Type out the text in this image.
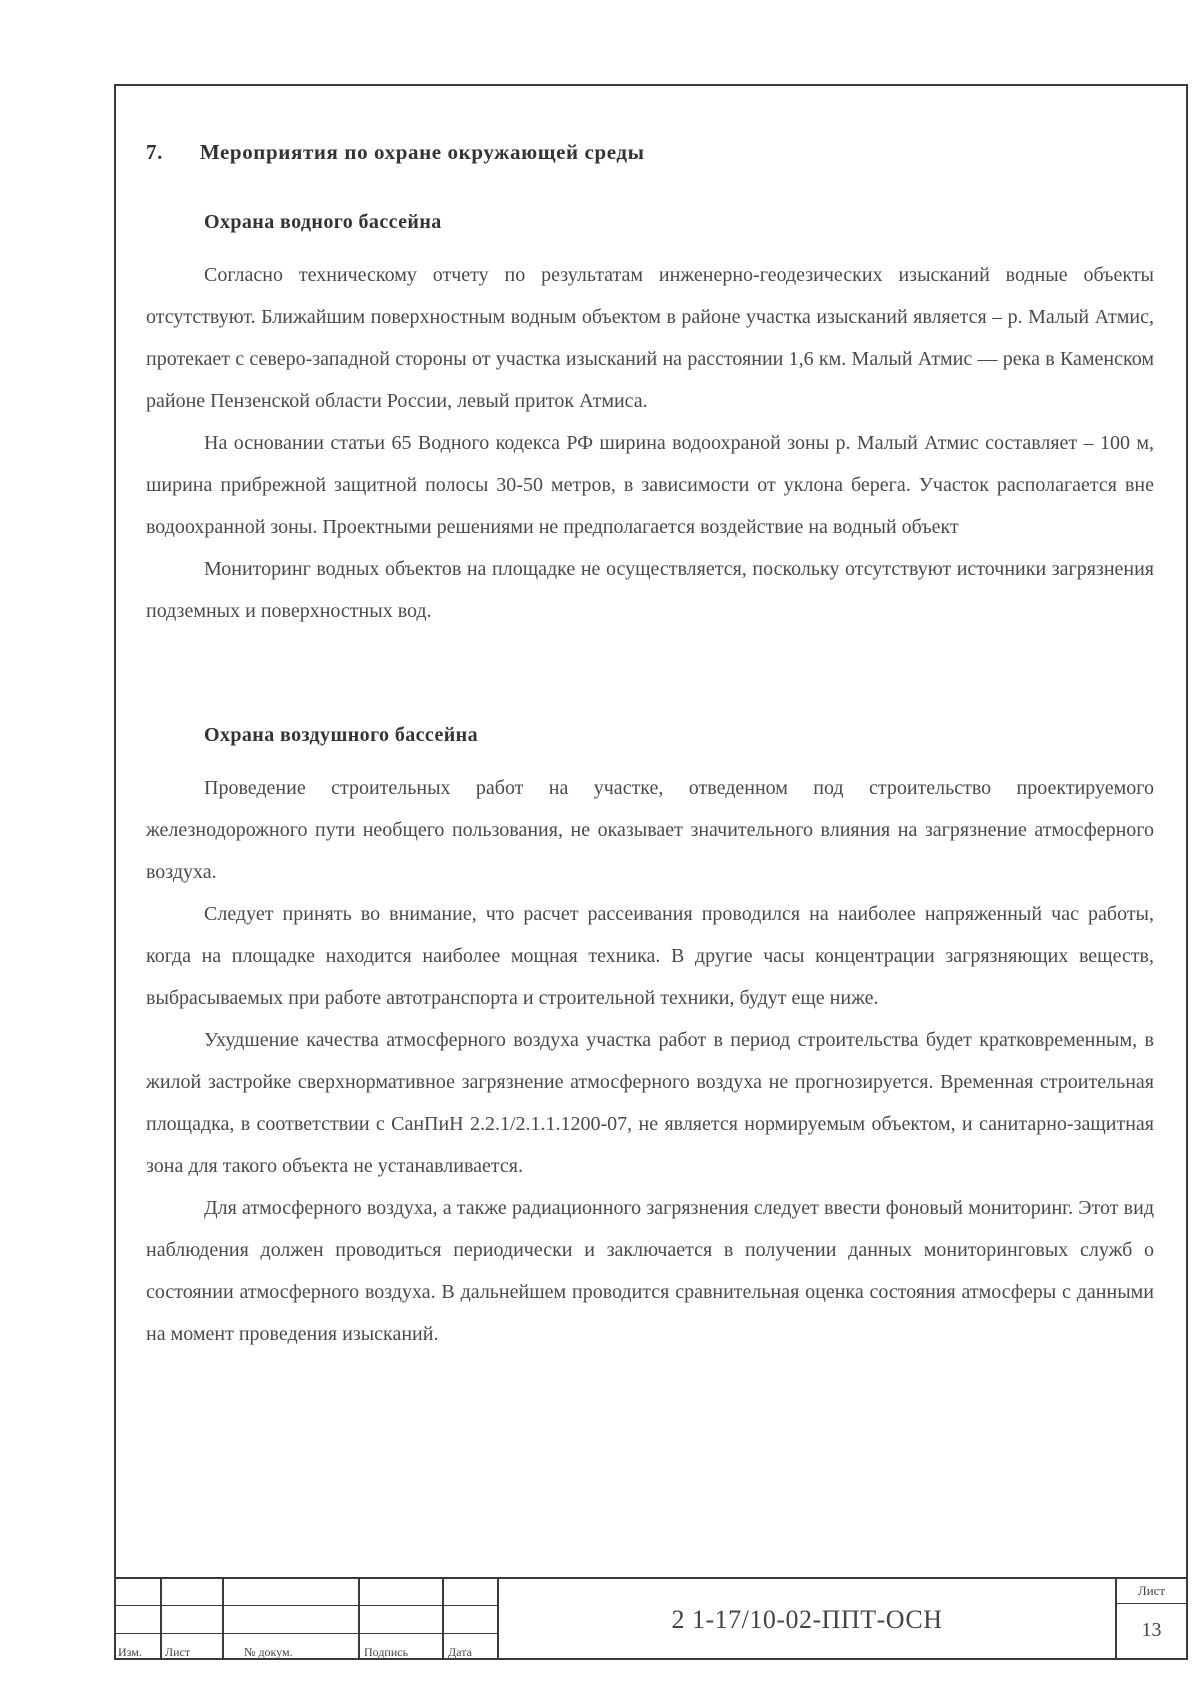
7. Мероприятия по охране окружающей среды
Охрана водного бассейна

Согласно техническому отчету по результатам инженерно-геодезических изысканий водные объекты отсутствуют. Ближайшим поверхностным водным объектом в районе участка изысканий является – р. Малый Атмис, протекает с северо-западной стороны от участка изысканий на расстоянии 1,6 км. Малый Атмис — река в Каменском районе Пензенской области России, левый приток Атмиса.

На основании статьи 65 Водного кодекса РФ ширина водоохраной зоны р. Малый Атмис составляет – 100 м, ширина прибрежной защитной полосы 30-50 метров, в зависимости от уклона берега. Участок располагается вне водоохранной зоны. Проектными решениями не предполагается воздействие на водный объект

Мониторинг водных объектов на площадке не осуществляется, поскольку отсутствуют источники загрязнения подземных и поверхностных вод.

Охрана воздушного бассейна

Проведение строительных работ на участке, отведенном под строительство проектируемого железнодорожного пути необщего пользования, не оказывает значительного влияния на загрязнение атмосферного воздуха.

Следует принять во внимание, что расчет рассеивания проводился на наиболее напряженный час работы, когда на площадке находится наиболее мощная техника. В другие часы концентрации загрязняющих веществ, выбрасываемых при работе автотранспорта и строительной техники, будут еще ниже.

Ухудшение качества атмосферного воздуха участка работ в период строительства будет кратковременным, в жилой застройке сверхнормативное загрязнение атмосферного воздуха не прогнозируется. Временная строительная площадка, в соответствии с СанПиН 2.2.1/2.1.1.1200-07, не является нормируемым объектом, и санитарно-защитная зона для такого объекта не устанавливается.

Для атмосферного воздуха, а также радиационного загрязнения следует ввести фоновый мониторинг. Этот вид наблюдения должен проводиться периодически и заключается в получении данных мониторинговых служб о состоянии атмосферного воздуха. В дальнейшем проводится сравнительная оценка состояния атмосферы с данными на момент проведения изысканий.

Изм. Лист	№ докум.	Подпись	Дата
2 1-17/10-02-ППТ-ОСН
Лист
13
